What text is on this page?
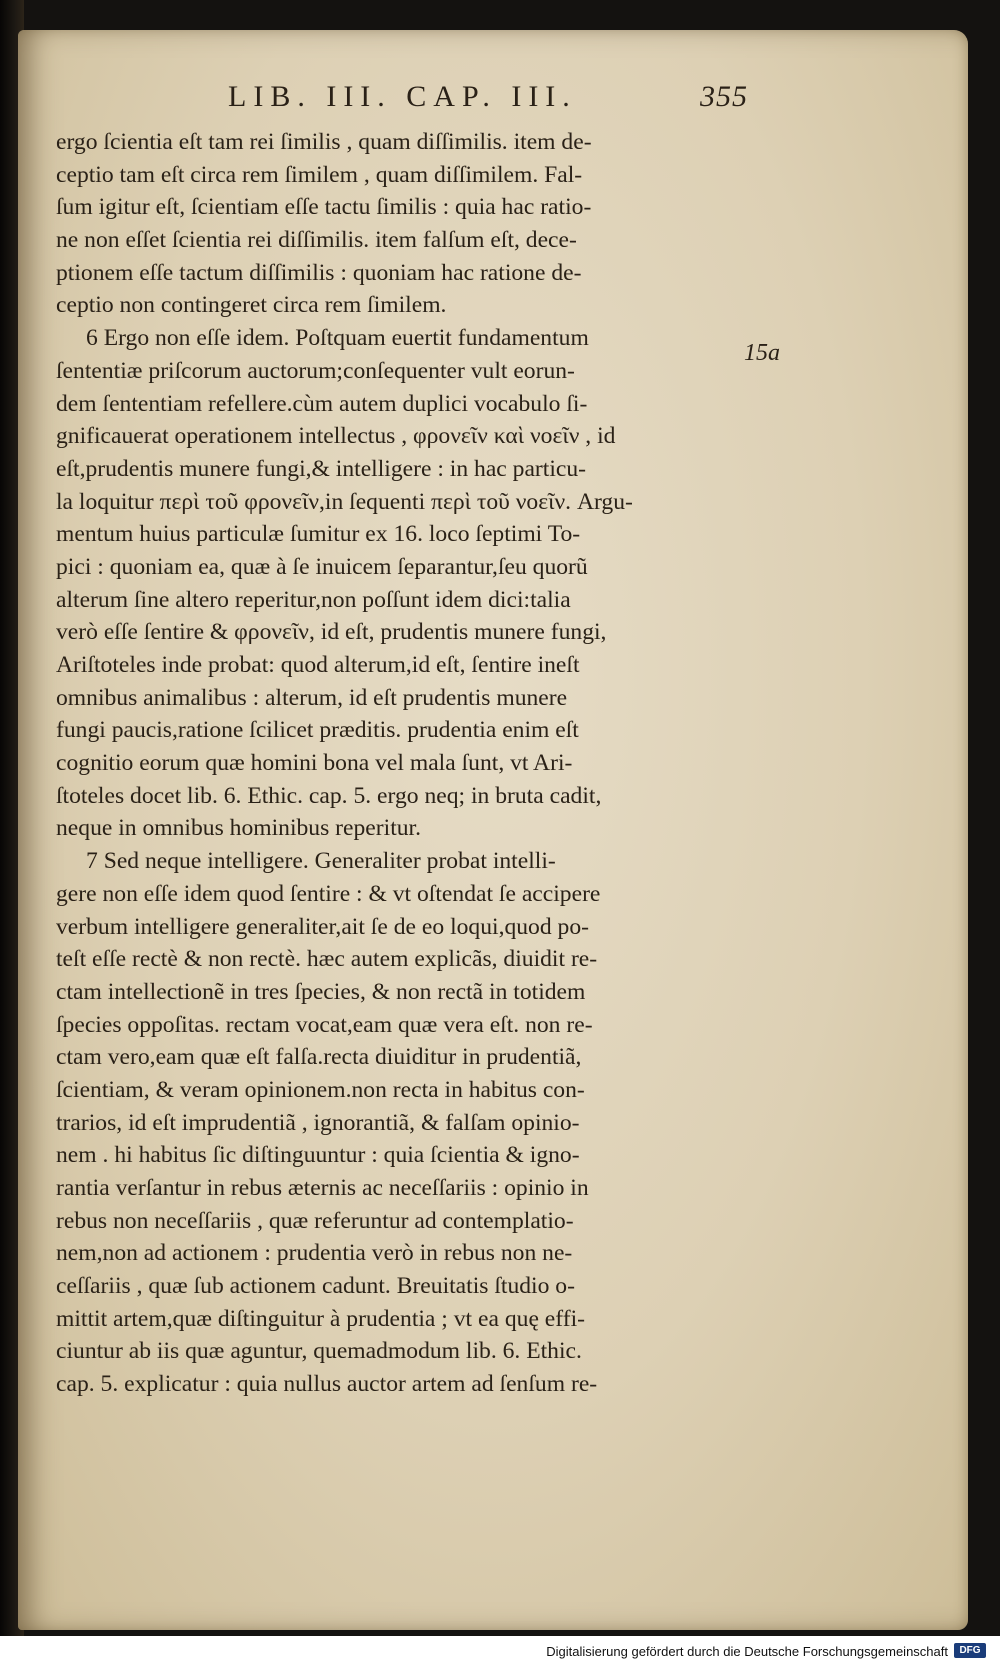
LIB. III. CAP. III.	355
15a
ergo ſcientia eſt tam rei ſimilis , quam diſſimilis. item de-
ceptio tam eſt circa rem ſimilem , quam diſſimilem. Fal-
ſum igitur eſt, ſcientiam eſſe tactu ſimilis : quia hac ratio-
ne non eſſet ſcientia rei diſſimilis. item falſum eſt, dece-
ptionem eſſe tactum diſſimilis : quoniam hac ratione de-
ceptio non contingeret circa rem ſimilem.
6 Ergo non eſſe idem. Poſtquam euertit fundamentum
ſententiæ priſcorum auctorum;conſequenter vult eorun-
dem ſententiam refellere.cùm autem duplici vocabulo ſi-
gnificauerat operationem intellectus , φρονεῖν καὶ νοεῖν , id
eſt,prudentis munere fungi,& intelligere : in hac particu-
la loquitur περὶ τοῦ φρονεῖν,in ſequenti περὶ τοῦ νοεῖν. Argu-
mentum huius particulæ ſumitur ex 16. loco ſeptimi To-
pici : quoniam ea, quæ à ſe inuicem ſeparantur,ſeu quorũ
alterum ſine altero reperitur,non poſſunt idem dici:talia
verò eſſe ſentire & φρονεῖν, id eſt, prudentis munere fungi,
Ariſtoteles inde probat: quod alterum,id eſt, ſentire ineſt
omnibus animalibus : alterum, id eſt prudentis munere
fungi paucis,ratione ſcilicet præditis. prudentia enim eſt
cognitio eorum quæ homini bona vel mala ſunt, vt Ari-
ſtoteles docet lib. 6. Ethic. cap. 5. ergo neq; in bruta cadit,
neque in omnibus hominibus reperitur.
7 Sed neque intelligere. Generaliter probat intelli-
gere non eſſe idem quod ſentire : & vt oſtendat ſe accipere
verbum intelligere generaliter,ait ſe de eo loqui,quod po-
teſt eſſe rectè & non rectè. hæc autem explicãs, diuidit re-
ctam intellectionẽ in tres ſpecies, & non rectã in totidem
ſpecies oppoſitas. rectam vocat,eam quæ vera eſt. non re-
ctam vero,eam quæ eſt falſa.recta diuiditur in prudentiã,
ſcientiam, & veram opinionem.non recta in habitus con-
trarios, id eſt imprudentiã , ignorantiã, & falſam opinio-
nem . hi habitus ſic diſtinguuntur : quia ſcientia & igno-
rantia verſantur in rebus æternis ac neceſſariis : opinio in
rebus non neceſſariis , quæ referuntur ad contemplatio-
nem,non ad actionem : prudentia verò in rebus non ne-
ceſſariis , quæ ſub actionem cadunt. Breuitatis ſtudio o-
mittit artem,quæ diſtinguitur à prudentia ; vt ea quę effi-
ciuntur ab iis quæ aguntur, quemadmodum lib. 6. Ethic.
cap. 5. explicatur : quia nullus auctor artem ad ſenſum re-
Digitalisierung gefördert durch die Deutsche Forschungsgemeinschaft	DFG
